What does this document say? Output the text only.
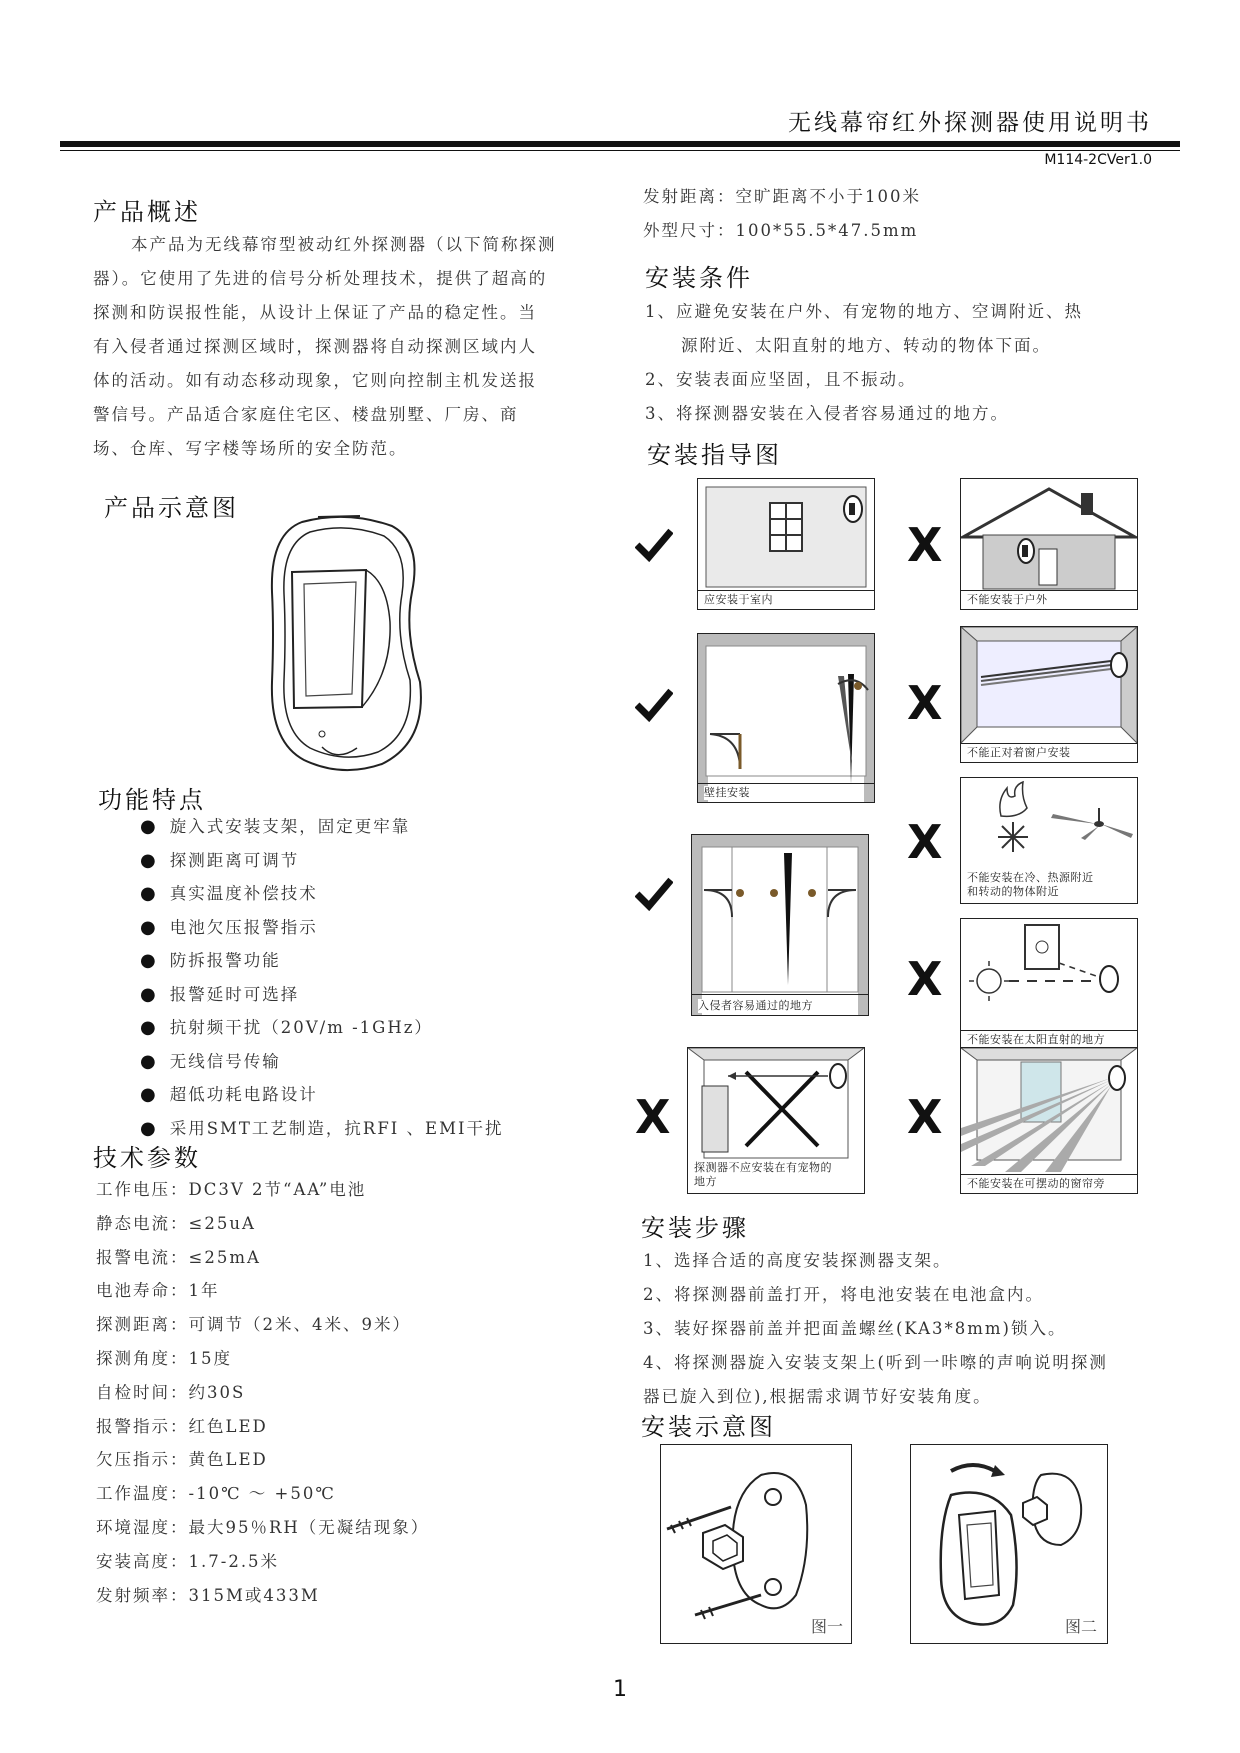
无线幕帘红外探测器使用说明书
M114-2CVer1.0
产品概述
本产品为无线幕帘型被动红外探测器（以下简称探测
器）。它使用了先进的信号分析处理技术，提供了超高的
探测和防误报性能，从设计上保证了产品的稳定性。当
有入侵者通过探测区域时，探测器将自动探测区域内人
体的活动。如有动态移动现象，它则向控制主机发送报
警信号。产品适合家庭住宅区、楼盘别墅、厂房、商
场、仓库、写字楼等场所的安全防范。
产品示意图
功能特点
● 旋入式安装支架，固定更牢靠
● 探测距离可调节
● 真实温度补偿技术
● 电池欠压报警指示
● 防拆报警功能
● 报警延时可选择
● 抗射频干扰（20V/m -1GHz）
● 无线信号传输
● 超低功耗电路设计
● 采用SMT工艺制造，抗RFI 、EMI干扰
技术参数
工作电压：DC3V 2节“AA”电池
静态电流：≤25uA
报警电流：≤25mA
电池寿命：1年
探测距离：可调节（2米、4米、9米）
探测角度：15度
自检时间：约30S
报警指示：红色LED
欠压指示：黄色LED
工作温度：-10℃ ～ +50℃
环境湿度：最大95％RH（无凝结现象）
安装高度：1.7-2.5米
发射频率：315M或433M
发射距离：空旷距离不小于100米
外型尺寸：100*55.5*47.5mm
安装条件
1、应避免安装在户外、有宠物的地方、空调附近、热
源附近、太阳直射的地方、转动的物体下面。
2、安装表面应坚固，且不振动。
3、将探测器安装在入侵者容易通过的地方。
安装指导图
应安装于室内
X
不能安装于户外
壁挂安装
X
不能正对着窗户安装
X
不能安装在冷、热源附近
和转动的物体附近
入侵者容易通过的地方 X
不能安装在太阳直射的地方
X
探测器不应安装在有宠物的
地方
X
不能安装在可摆动的窗帘旁
安装步骤
1、选择合适的高度安装探测器支架。
2、将探测器前盖打开，将电池安装在电池盒内。
3、装好探器前盖并把面盖螺丝(KA3*8mm)锁入。
4、将探测器旋入安装支架上(听到一咔嚓的声响说明探测
器已旋入到位),根据需求调节好安装角度。
安装示意图
图一	图二
1
